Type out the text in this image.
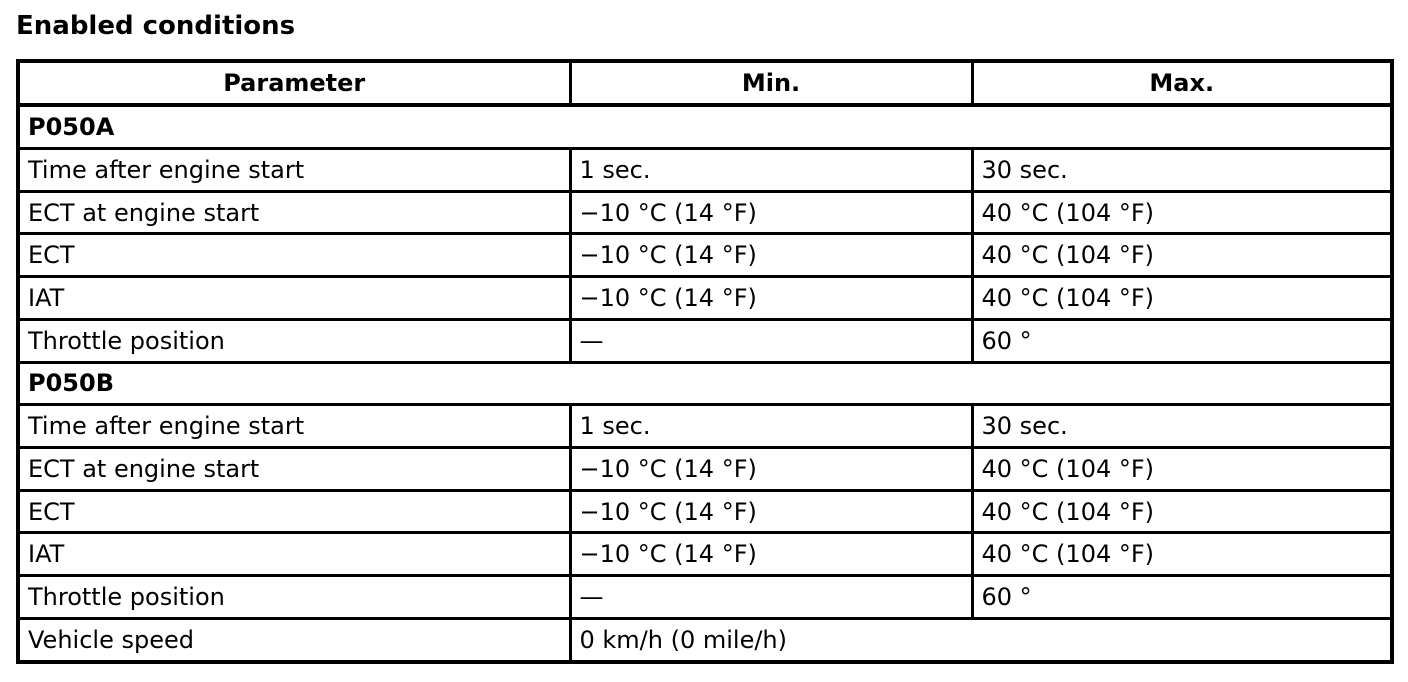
Enabled conditions
Parameter	Min.	Max.
P050A		
Time after engine start	1 sec.	30 sec.
ECT at engine start	−10 °C (14 °F)	40 °C (104 °F)
ECT	−10 °C (14 °F)	40 °C (104 °F)
IAT	−10 °C (14 °F)	40 °C (104 °F)
Throttle position	—	60 °
P050B		
Time after engine start	1 sec.	30 sec.
ECT at engine start	−10 °C (14 °F)	40 °C (104 °F)
ECT	−10 °C (14 °F)	40 °C (104 °F)
IAT	−10 °C (14 °F)	40 °C (104 °F)
Throttle position	—	60 °
Vehicle speed	0 km/h (0 mile/h)	
